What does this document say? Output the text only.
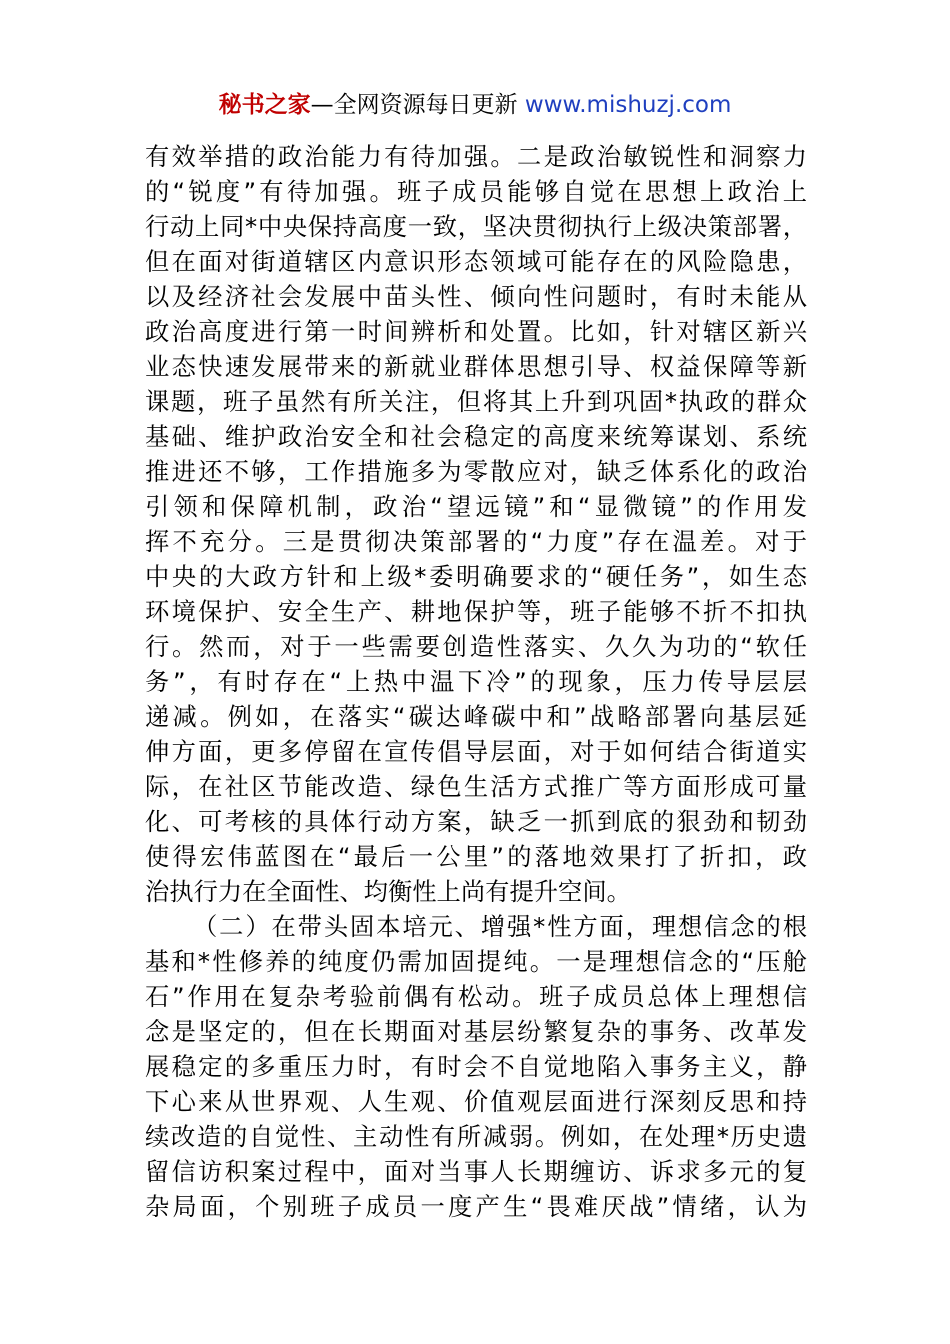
秘书之家—全网资源每日更新 www.mishuzj.com
有效举措的政治能力有待加强。二是政治敏锐性和洞察力
的“锐度”有待加强。班子成员能够自觉在思想上政治上
行动上同*中央保持高度一致，坚决贯彻执行上级决策部署，
但在面对街道辖区内意识形态领域可能存在的风险隐患，
以及经济社会发展中苗头性、倾向性问题时，有时未能从
政治高度进行第一时间辨析和处置。比如，针对辖区新兴
业态快速发展带来的新就业群体思想引导、权益保障等新
课题，班子虽然有所关注，但将其上升到巩固*执政的群众
基础、维护政治安全和社会稳定的高度来统筹谋划、系统
推进还不够，工作措施多为零散应对，缺乏体系化的政治
引领和保障机制，政治“望远镜”和“显微镜”的作用发
挥不充分。三是贯彻决策部署的“力度”存在温差。对于
中央的大政方针和上级*委明确要求的“硬任务”，如生态
环境保护、安全生产、耕地保护等，班子能够不折不扣执
行。然而，对于一些需要创造性落实、久久为功的“软任
务”，有时存在“上热中温下冷”的现象，压力传导层层
递减。例如，在落实“碳达峰碳中和”战略部署向基层延
伸方面，更多停留在宣传倡导层面，对于如何结合街道实
际，在社区节能改造、绿色生活方式推广等方面形成可量
化、可考核的具体行动方案，缺乏一抓到底的狠劲和韧劲
使得宏伟蓝图在“最后一公里”的落地效果打了折扣，政
治执行力在全面性、均衡性上尚有提升空间。
（二）在带头固本培元、增强*性方面，理想信念的根
基和*性修养的纯度仍需加固提纯。一是理想信念的“压舱
石”作用在复杂考验前偶有松动。班子成员总体上理想信
念是坚定的，但在长期面对基层纷繁复杂的事务、改革发
展稳定的多重压力时，有时会不自觉地陷入事务主义，静
下心来从世界观、人生观、价值观层面进行深刻反思和持
续改造的自觉性、主动性有所减弱。例如，在处理*历史遗
留信访积案过程中，面对当事人长期缠访、诉求多元的复
杂局面，个别班子成员一度产生“畏难厌战”情绪，认为
